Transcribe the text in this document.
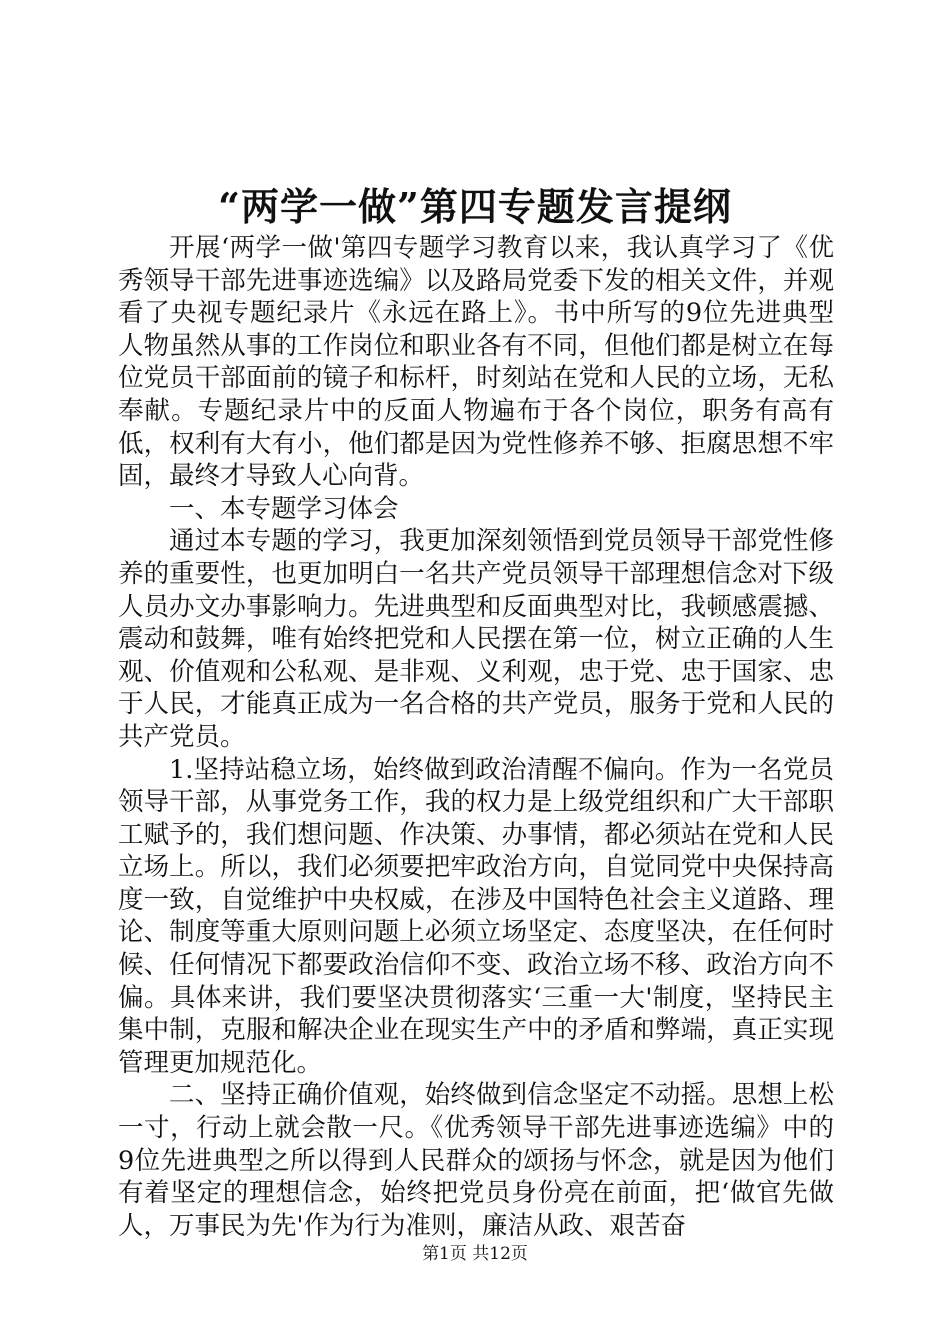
“两学一做”第四专题发言提纲

开展‘两学一做'第四专题学习教育以来，我认真学习了《优秀领导干部先进事迹选编》以及路局党委下发的相关文件，并观看了央视专题纪录片《永远在路上》。书中所写的9位先进典型人物虽然从事的工作岗位和职业各有不同，但他们都是树立在每位党员干部面前的镜子和标杆，时刻站在党和人民的立场，无私奉献。专题纪录片中的反面人物遍布于各个岗位，职务有高有低，权利有大有小，他们都是因为党性修养不够、拒腐思想不牢固，最终才导致人心向背。

一、本专题学习体会

通过本专题的学习，我更加深刻领悟到党员领导干部党性修养的重要性，也更加明白一名共产党员领导干部理想信念对下级人员办文办事影响力。先进典型和反面典型对比，我顿感震撼、震动和鼓舞，唯有始终把党和人民摆在第一位，树立正确的人生观、价值观和公私观、是非观、义利观，忠于党、忠于国家、忠于人民，才能真正成为一名合格的共产党员，服务于党和人民的共产党员。

1.坚持站稳立场，始终做到政治清醒不偏向。作为一名党员领导干部，从事党务工作，我的权力是上级党组织和广大干部职工赋予的，我们想问题、作决策、办事情，都必须站在党和人民立场上。所以，我们必须要把牢政治方向，自觉同党中央保持高度一致，自觉维护中央权威，在涉及中国特色社会主义道路、理论、制度等重大原则问题上必须立场坚定、态度坚决，在任何时候、任何情况下都要政治信仰不变、政治立场不移、政治方向不偏。具体来讲，我们要坚决贯彻落实‘三重一大'制度，坚持民主集中制，克服和解决企业在现实生产中的矛盾和弊端，真正实现管理更加规范化。

二、坚持正确价值观，始终做到信念坚定不动摇。思想上松一寸，行动上就会散一尺。《优秀领导干部先进事迹选编》中的9位先进典型之所以得到人民群众的颂扬与怀念，就是因为他们有着坚定的理想信念，始终把党员身份亮在前面，把‘做官先做人，万事民为先'作为行为准则，廉洁从政、艰苦奋

第1页 共12页
